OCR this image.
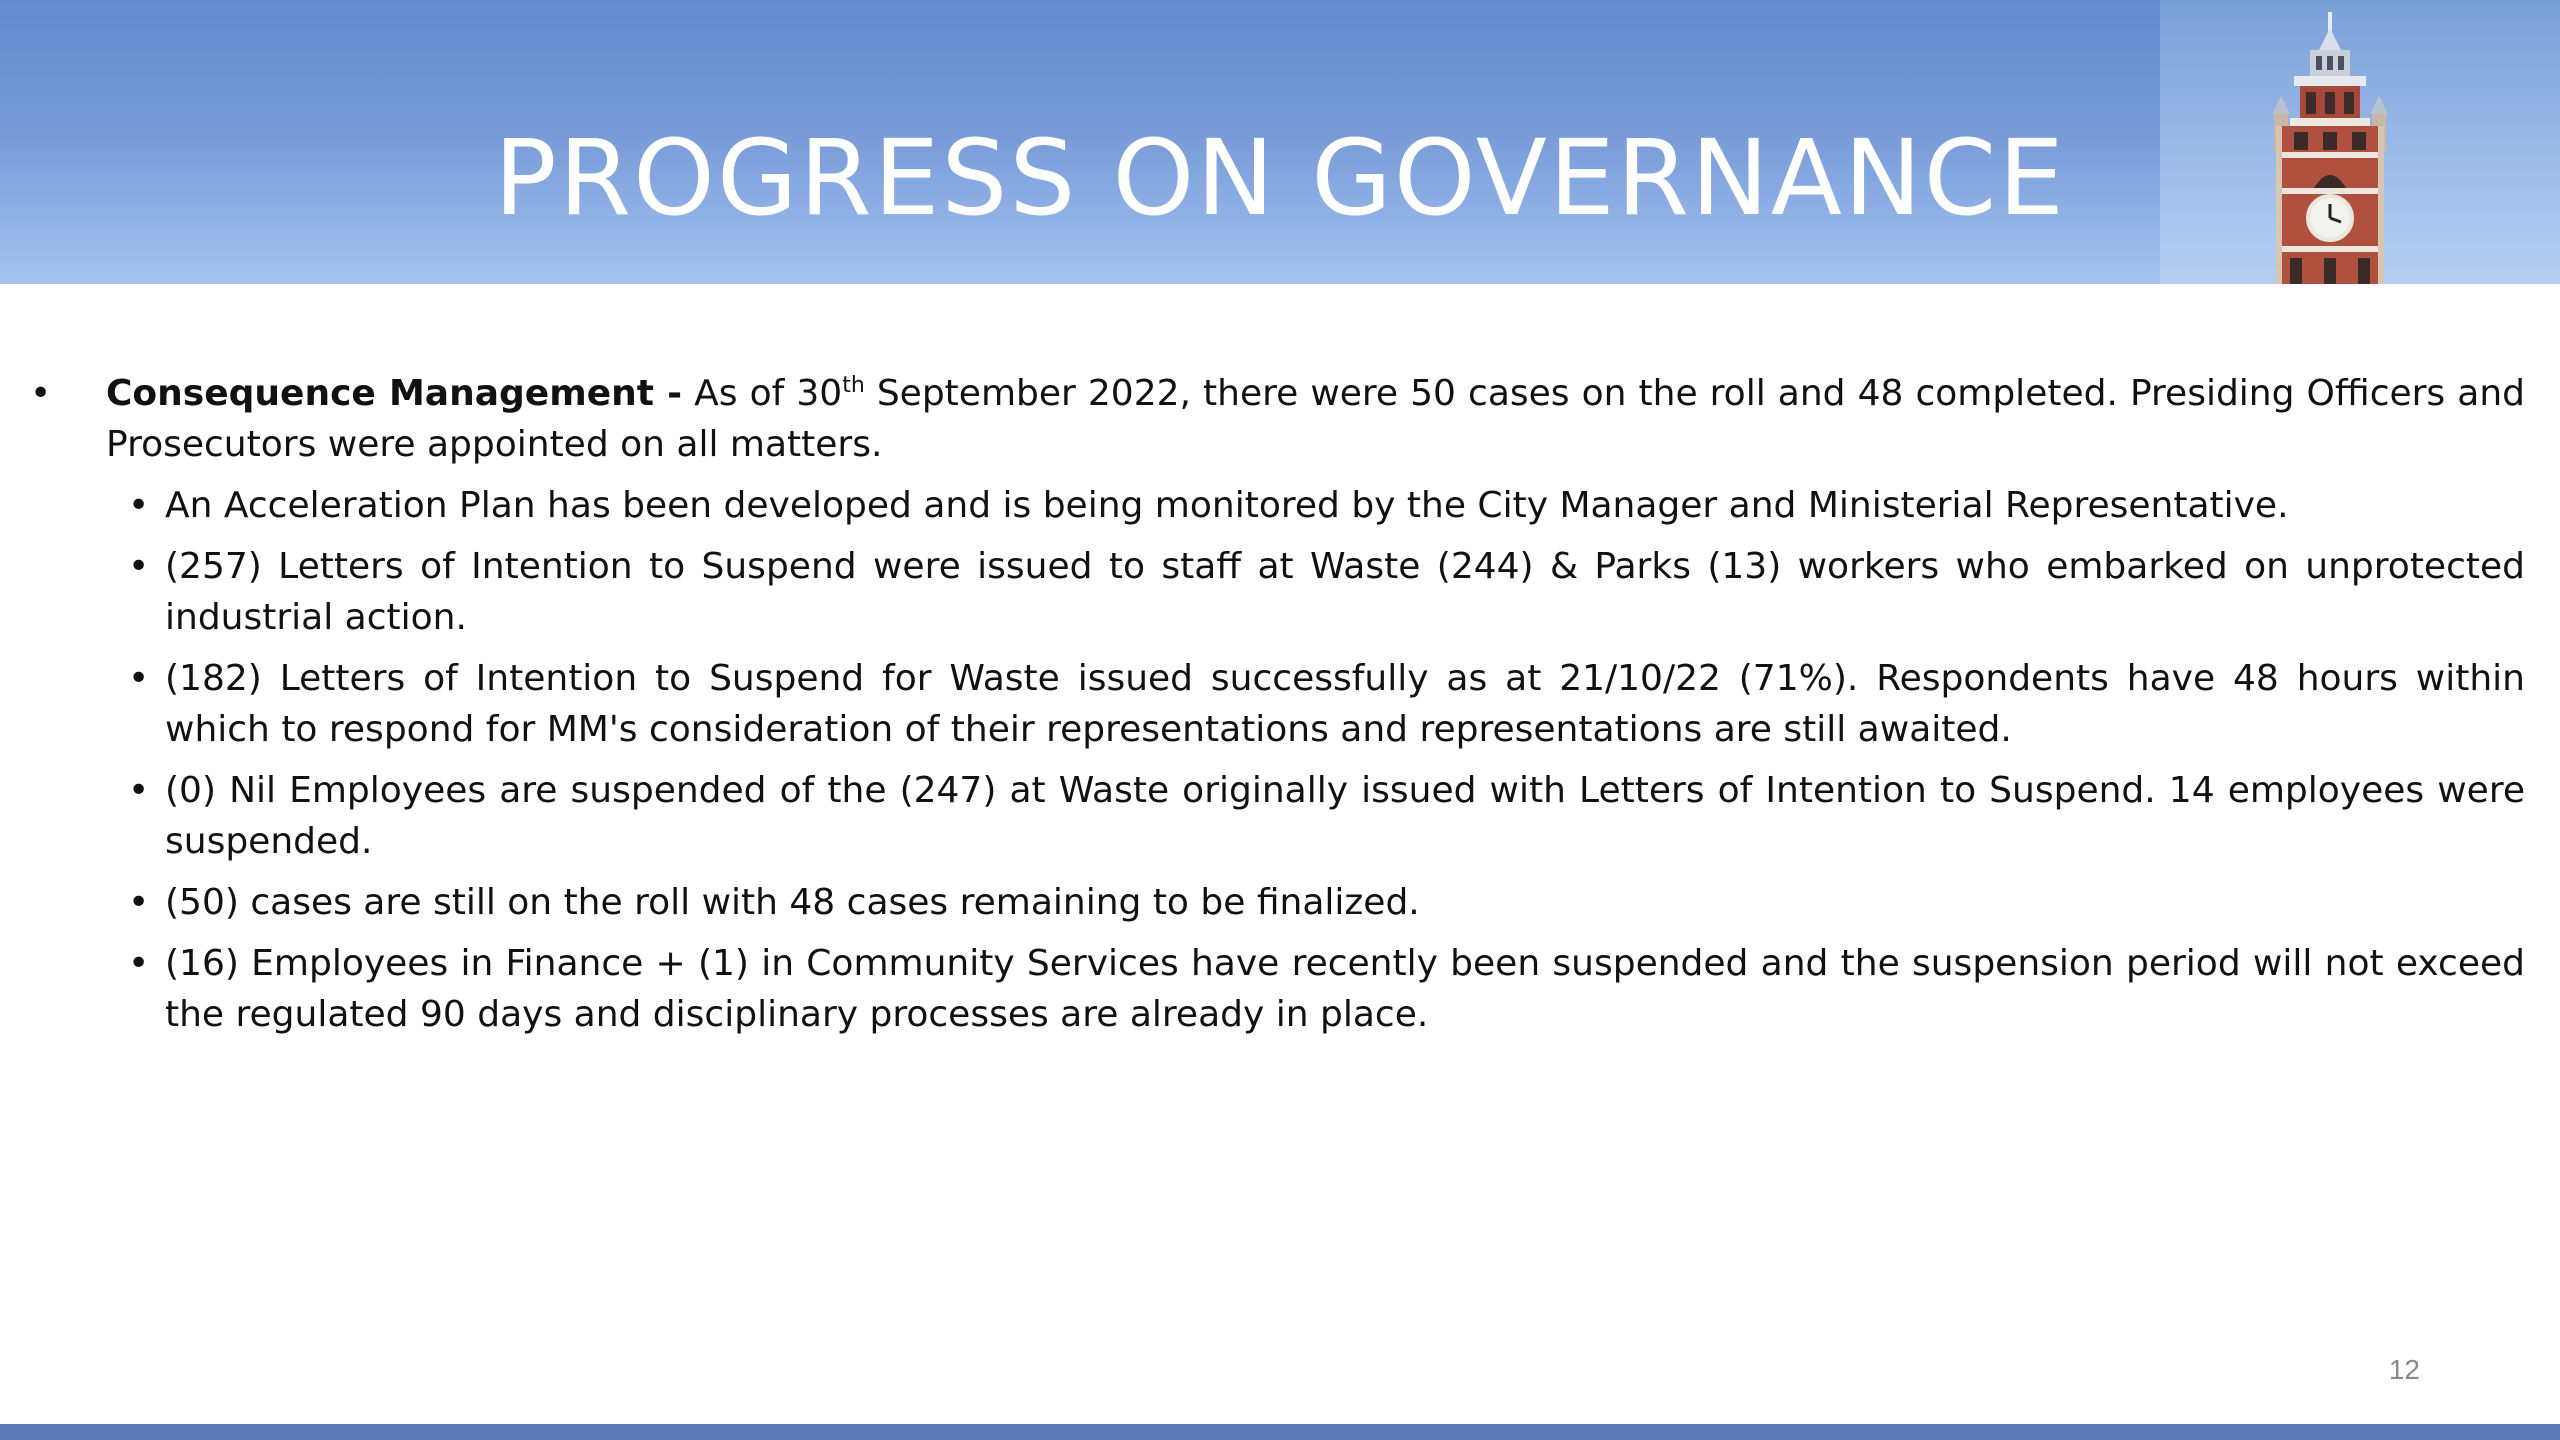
PROGRESS ON GOVERNANCE
• Consequence Management - As of 30th September 2022, there were 50 cases on the roll and 48 completed. Presiding Officers and Prosecutors were appointed on all matters.
• An Acceleration Plan has been developed and is being monitored by the City Manager and Ministerial Representative.
• (257) Letters of Intention to Suspend were issued to staff at Waste (244) & Parks (13) workers who embarked on unprotected industrial action.
• (182) Letters of Intention to Suspend for Waste issued successfully as at 21/10/22 (71%). Respondents have 48 hours within which to respond for MM's consideration of their representations and representations are still awaited.
• (0) Nil Employees are suspended of the (247) at Waste originally issued with Letters of Intention to Suspend. 14 employees were suspended.
• (50) cases are still on the roll with 48 cases remaining to be finalized.
• (16) Employees in Finance + (1) in Community Services have recently been suspended and the suspension period will not exceed the regulated 90 days and disciplinary processes are already in place.
12
